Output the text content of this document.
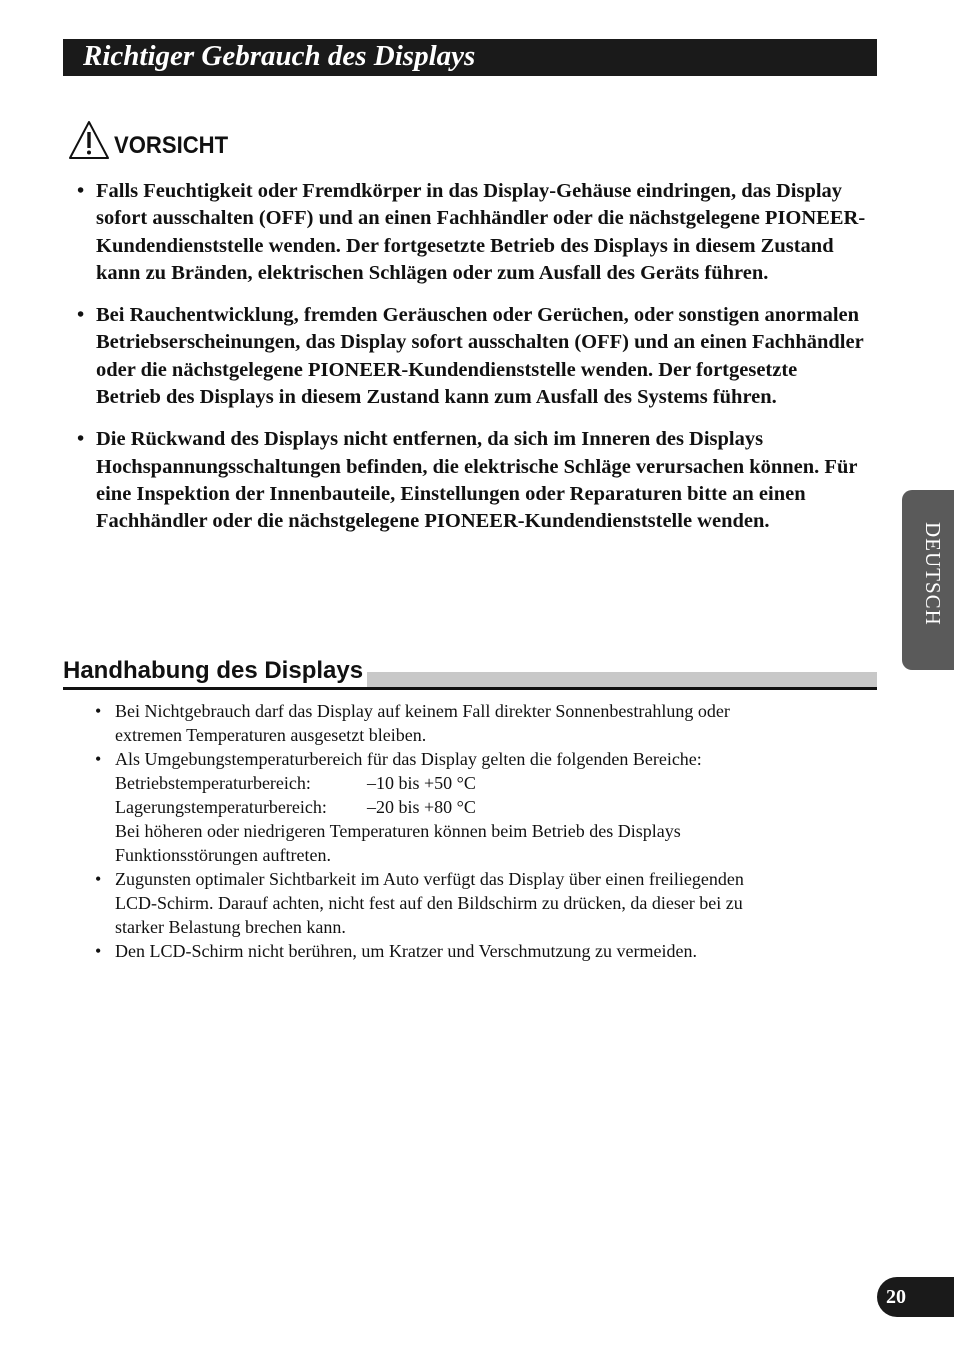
Richtiger Gebrauch des Displays
VORSICHT
• Falls Feuchtigkeit oder Fremdkörper in das Display-Gehäuse eindringen, das Display sofort ausschalten (OFF) und an einen Fachhändler oder die nächstgelegene PIONEER-Kundendienststelle wenden. Der fortgesetzte Betrieb des Displays in diesem Zustand kann zu Bränden, elektrischen Schlägen oder zum Ausfall des Geräts führen.
• Bei Rauchentwicklung, fremden Geräuschen oder Gerüchen, oder sonstigen anormalen Betriebserscheinungen, das Display sofort ausschalten (OFF) und an einen Fachhändler oder die nächstgelegene PIONEER-Kundendienststelle wenden. Der fortgesetzte Betrieb des Displays in diesem Zustand kann zum Ausfall des Systems führen.
• Die Rückwand des Displays nicht entfernen, da sich im Inneren des Displays Hochspannungsschaltungen befinden, die elektrische Schläge verursachen können. Für eine Inspektion der Innenbauteile, Einstellungen oder Reparaturen bitte an einen Fachhändler oder die nächstgelegene PIONEER-Kundendienststelle wenden.
Handhabung des Displays
• Bei Nichtgebrauch darf das Display auf keinem Fall direkter Sonnenbestrahlung oder
extremen Temperaturen ausgesetzt bleiben.
• Als Umgebungstemperaturbereich für das Display gelten die folgenden Bereiche:
Betriebstemperaturbereich:	–10 bis +50 °C
Lagerungstemperaturbereich: –20 bis +80 °C
Bei höheren oder niedrigeren Temperaturen können beim Betrieb des Displays
Funktionsstörungen auftreten.
• Zugunsten optimaler Sichtbarkeit im Auto verfügt das Display über einen freiliegenden
LCD-Schirm. Darauf achten, nicht fest auf den Bildschirm zu drücken, da dieser bei zu
starker Belastung brechen kann.
• Den LCD-Schirm nicht berühren, um Kratzer und Verschmutzung zu vermeiden.
DEUTSCH
20
